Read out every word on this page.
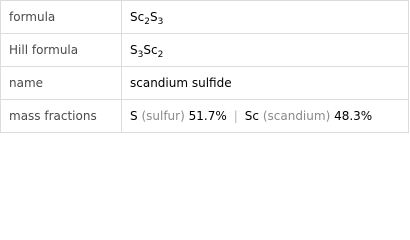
formula	$Sc_2S_3$
Hill formula	$S_3Sc_2$
name	scandium sulfide
mass fractions	S (sulfur) 51.7% | Sc (scandium) 48.3%
